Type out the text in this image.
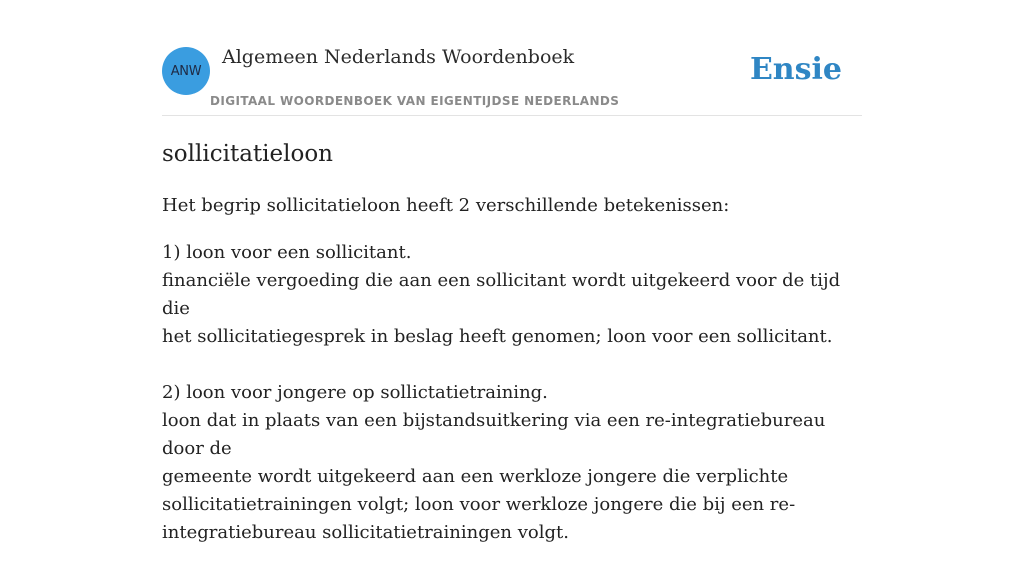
ANW
Algemeen Nederlands Woordenboek
DIGITAAL WOORDENBOEK VAN EIGENTIJDSE NEDERLANDS
Ensie
sollicitatieloon
Het begrip sollicitatieloon heeft 2 verschillende betekenissen:
1) loon voor een sollicitant.
financiële vergoeding die aan een sollicitant wordt uitgekeerd voor de tijd die
het sollicitatiegesprek in beslag heeft genomen; loon voor een sollicitant.
2) loon voor jongere op sollictatietraining.
loon dat in plaats van een bijstandsuitkering via een re-integratiebureau door de
gemeente wordt uitgekeerd aan een werkloze jongere die verplichte
sollicitatietrainingen volgt; loon voor werkloze jongere die bij een re-
integratiebureau sollicitatietrainingen volgt.
